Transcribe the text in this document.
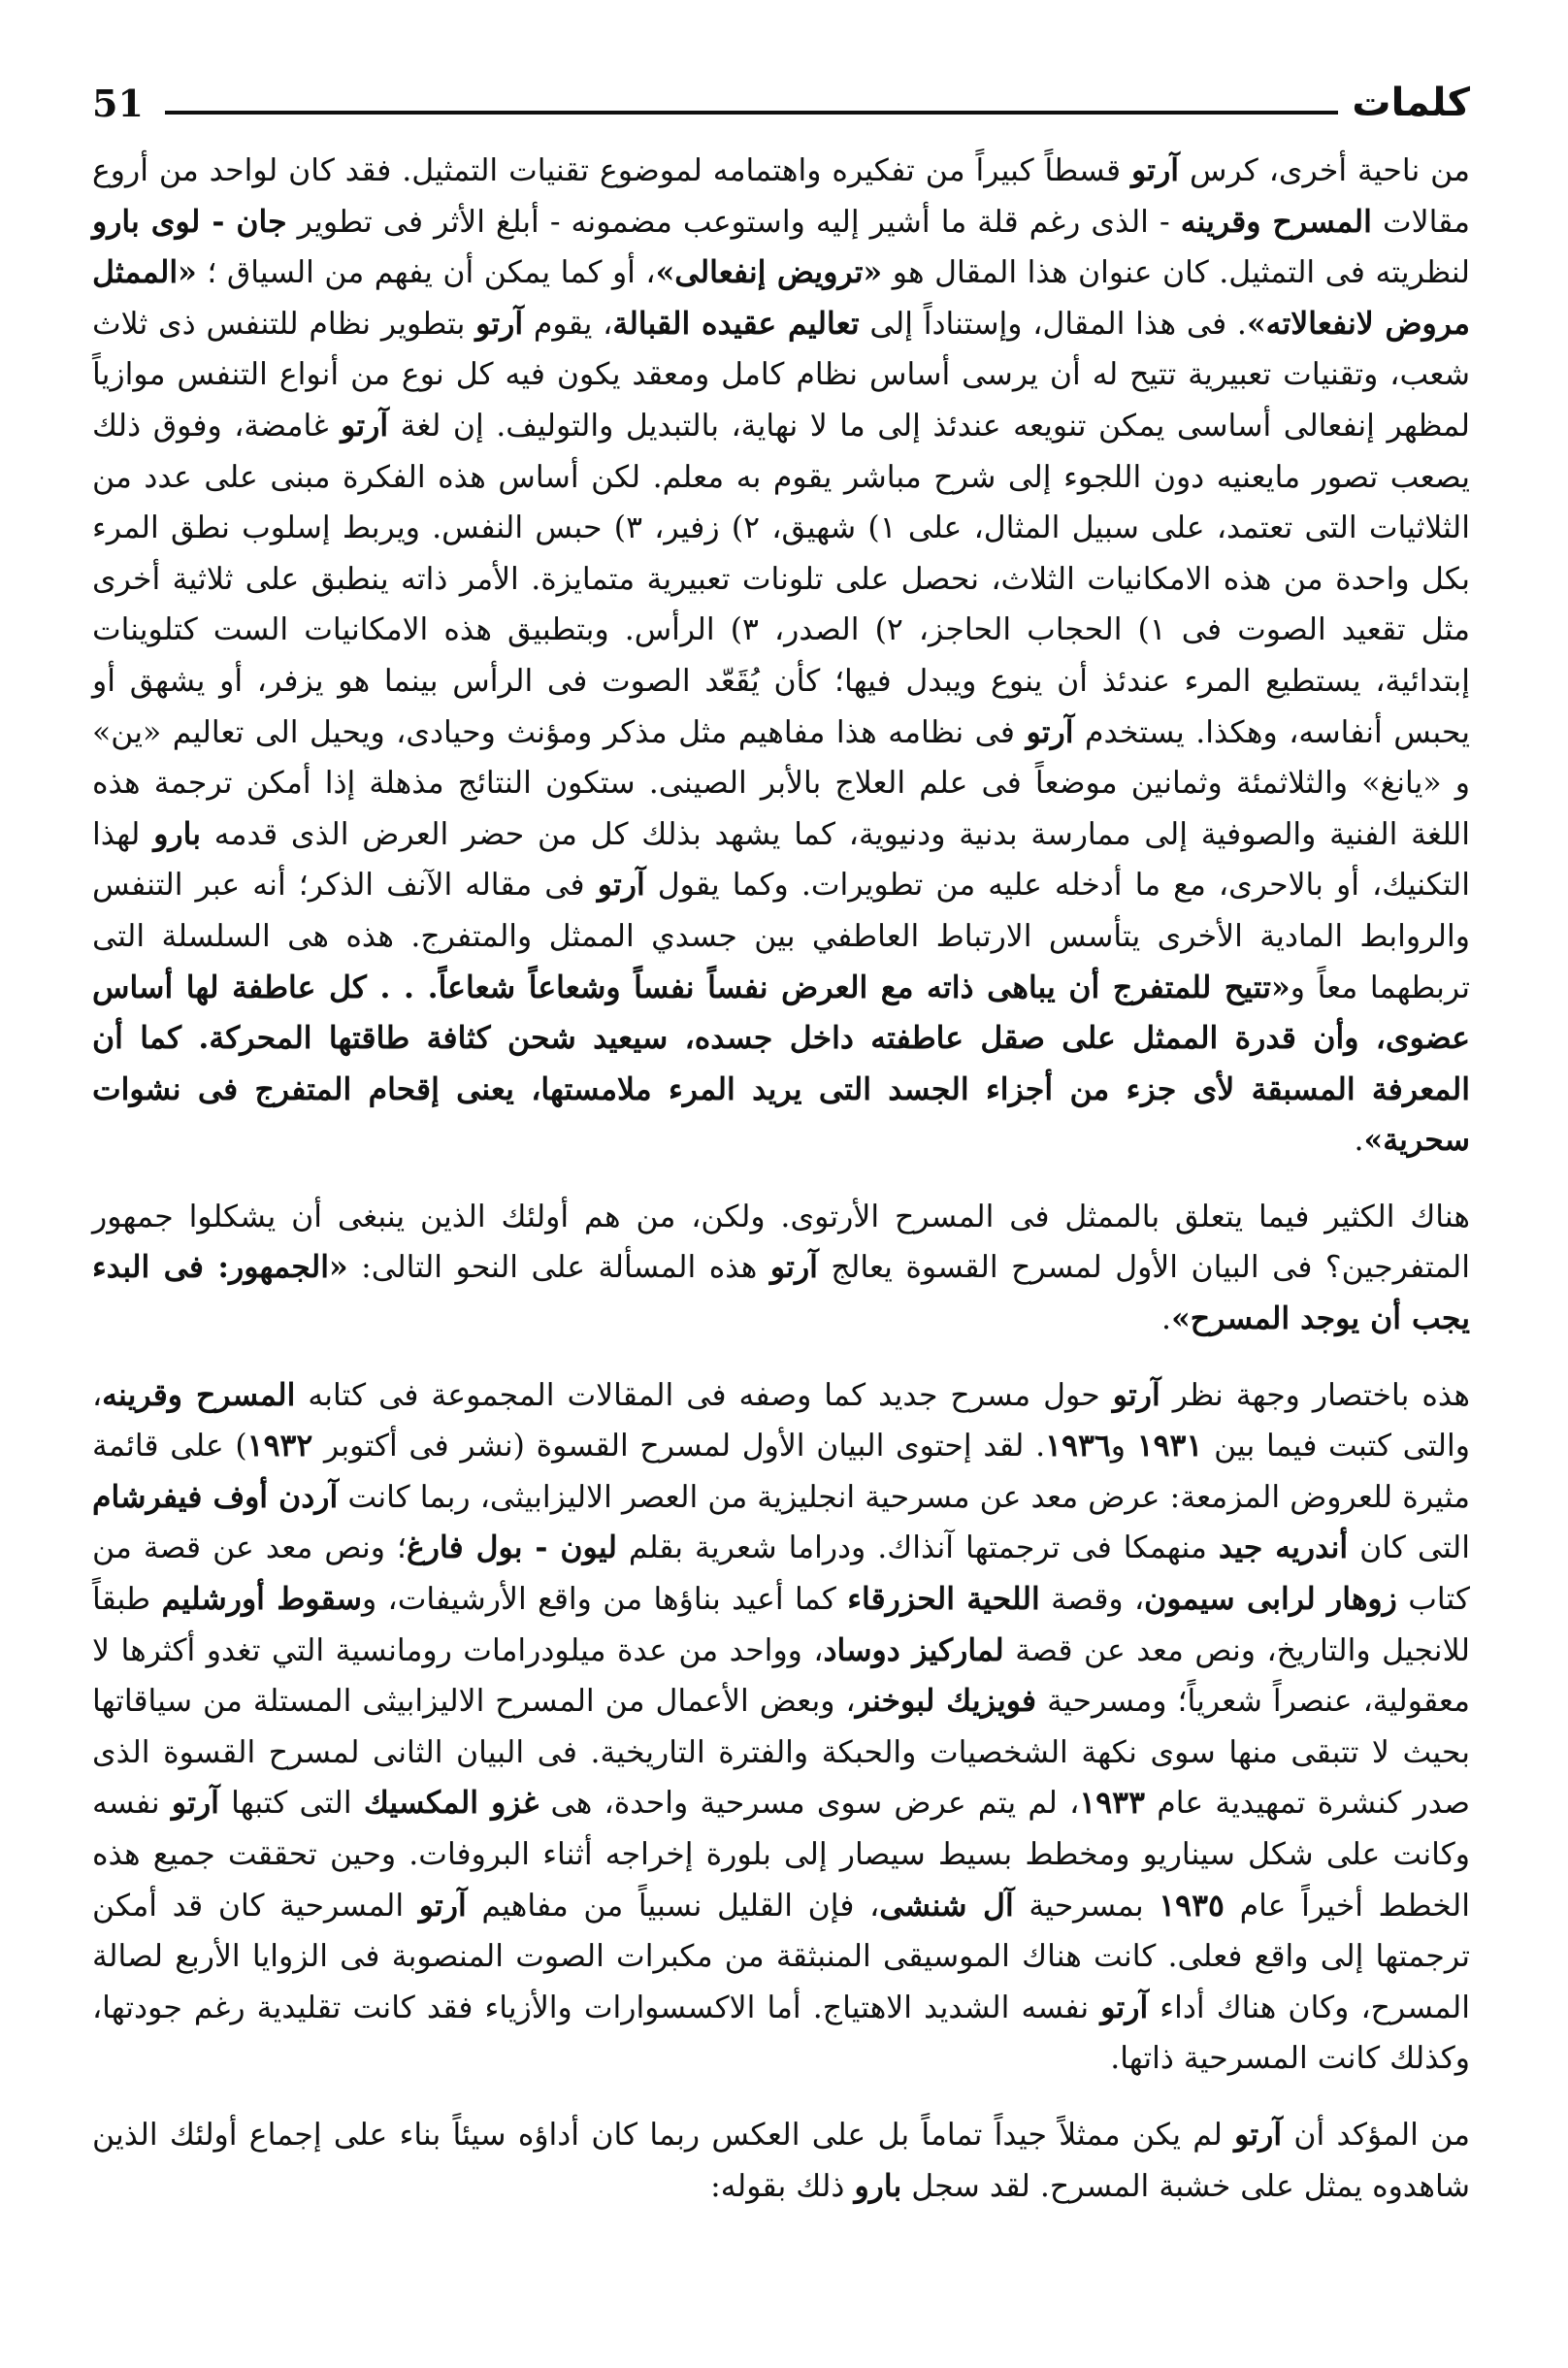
كلمات
51

من ناحية أخرى، كرس آرتو قسطاً كبيراً من تفكيره واهتمامه لموضوع تقنيات التمثيل. فقد كان لواحد من أروع مقالات المسرح وقرينه - الذى رغم قلة ما أشير إليه واستوعب مضمونه - أبلغ الأثر فى تطوير جان - لوى بارو لنظريته فى التمثيل. كان عنوان هذا المقال هو «ترويض إنفعالى»، أو كما يمكن أن يفهم من السياق ؛ «الممثل مروض لانفعالاته». فى هذا المقال، وإستناداً إلى تعاليم عقيده القبالة، يقوم آرتو بتطوير نظام للتنفس ذى ثلاث شعب، وتقنيات تعبيرية تتيح له أن يرسى أساس نظام كامل ومعقد يكون فيه كل نوع من أنواع التنفس موازياً لمظهر إنفعالى أساسى يمكن تنويعه عندئذ إلى ما لا نهاية، بالتبديل والتوليف. إن لغة آرتو غامضة، وفوق ذلك يصعب تصور مايعنيه دون اللجوء إلى شرح مباشر يقوم به معلم. لكن أساس هذه الفكرة مبنى على عدد من الثلاثيات التى تعتمد، على سبيل المثال، على ١) شهيق، ٢) زفير، ٣) حبس النفس. ويربط إسلوب نطق المرء بكل واحدة من هذه الامكانيات الثلاث، نحصل على تلونات تعبيرية متمايزة. الأمر ذاته ينطبق على ثلاثية أخرى مثل تقعيد الصوت فى ١) الحجاب الحاجز، ٢) الصدر، ٣) الرأس. وبتطبيق هذه الامكانيات الست كتلوينات إبتدائية، يستطيع المرء عندئذ أن ينوع ويبدل فيها؛ كأن يُقَعّد الصوت فى الرأس بينما هو يزفر، أو يشهق أو يحبس أنفاسه، وهكذا. يستخدم آرتو فى نظامه هذا مفاهيم مثل مذكر ومؤنث وحيادى، ويحيل الى تعاليم «ين» و «يانغ» والثلاثمئة وثمانين موضعاً فى علم العلاج بالأبر الصينى. ستكون النتائج مذهلة إذا أمكن ترجمة هذه اللغة الفنية والصوفية إلى ممارسة بدنية ودنيوية، كما يشهد بذلك كل من حضر العرض الذى قدمه بارو لهذا التكنيك، أو بالاحرى، مع ما أدخله عليه من تطويرات. وكما يقول آرتو فى مقاله الآنف الذكر؛ أنه عبر التنفس والروابط المادية الأخرى يتأسس الارتباط العاطفي بين جسدي الممثل والمتفرج. هذه هى السلسلة التى تربطهما معاً و«تتيح للمتفرج أن يباهى ذاته مع العرض نفساً نفساً وشعاعاً شعاعاً. . . كل عاطفة لها أساس عضوى، وأن قدرة الممثل على صقل عاطفته داخل جسده، سيعيد شحن كثافة طاقتها المحركة. كما أن المعرفة المسبقة لأى جزء من أجزاء الجسد التى يريد المرء ملامستها، يعنى إقحام المتفرج فى نشوات سحرية».

هناك الكثير فيما يتعلق بالممثل فى المسرح الأرتوى. ولكن، من هم أولئك الذين ينبغى أن يشكلوا جمهور المتفرجين؟ فى البيان الأول لمسرح القسوة يعالج آرتو هذه المسألة على النحو التالى: «الجمهور: فى البدء يجب أن يوجد المسرح».

هذه باختصار وجهة نظر آرتو حول مسرح جديد كما وصفه فى المقالات المجموعة فى كتابه المسرح وقرينه، والتى كتبت فيما بين ١٩٣١ و١٩٣٦. لقد إحتوى البيان الأول لمسرح القسوة (نشر فى أكتوبر ١٩٣٢) على قائمة مثيرة للعروض المزمعة: عرض معد عن مسرحية انجليزية من العصر الاليزابيثى، ربما كانت آردن أوف فيفرشام التى كان أندريه جيد منهمكا فى ترجمتها آنذاك. ودراما شعرية بقلم ليون - بول فارغ؛ ونص معد عن قصة من كتاب زوهار لرابى سيمون، وقصة اللحية الحزرقاء كما أعيد بناؤها من واقع الأرشيفات، وسقوط أورشليم طبقاً للانجيل والتاريخ، ونص معد عن قصة لماركيز دوساد، وواحد من عدة ميلودرامات رومانسية التي تغدو أكثرها لا معقولية، عنصراً شعرياً؛ ومسرحية فويزيك لبوخنر، وبعض الأعمال من المسرح الاليزابيثى المستلة من سياقاتها بحيث لا تتبقى منها سوى نكهة الشخصيات والحبكة والفترة التاريخية. فى البيان الثانى لمسرح القسوة الذى صدر كنشرة تمهيدية عام ١٩٣٣، لم يتم عرض سوى مسرحية واحدة، هى غزو المكسيك التى كتبها آرتو نفسه وكانت على شكل سيناريو ومخطط بسيط سيصار إلى بلورة إخراجه أثناء البروفات. وحين تحققت جميع هذه الخطط أخيراً عام ١٩٣٥ بمسرحية آل شنشى، فإن القليل نسبياً من مفاهيم آرتو المسرحية كان قد أمكن ترجمتها إلى واقع فعلى. كانت هناك الموسيقى المنبثقة من مكبرات الصوت المنصوبة فى الزوايا الأربع لصالة المسرح، وكان هناك أداء آرتو نفسه الشديد الاهتياج. أما الاكسسوارات والأزياء فقد كانت تقليدية رغم جودتها، وكذلك كانت المسرحية ذاتها.

من المؤكد أن آرتو لم يكن ممثلاً جيداً تماماً بل على العكس ربما كان أداؤه سيئاً بناء على إجماع أولئك الذين شاهدوه يمثل على خشبة المسرح. لقد سجل بارو ذلك بقوله:
